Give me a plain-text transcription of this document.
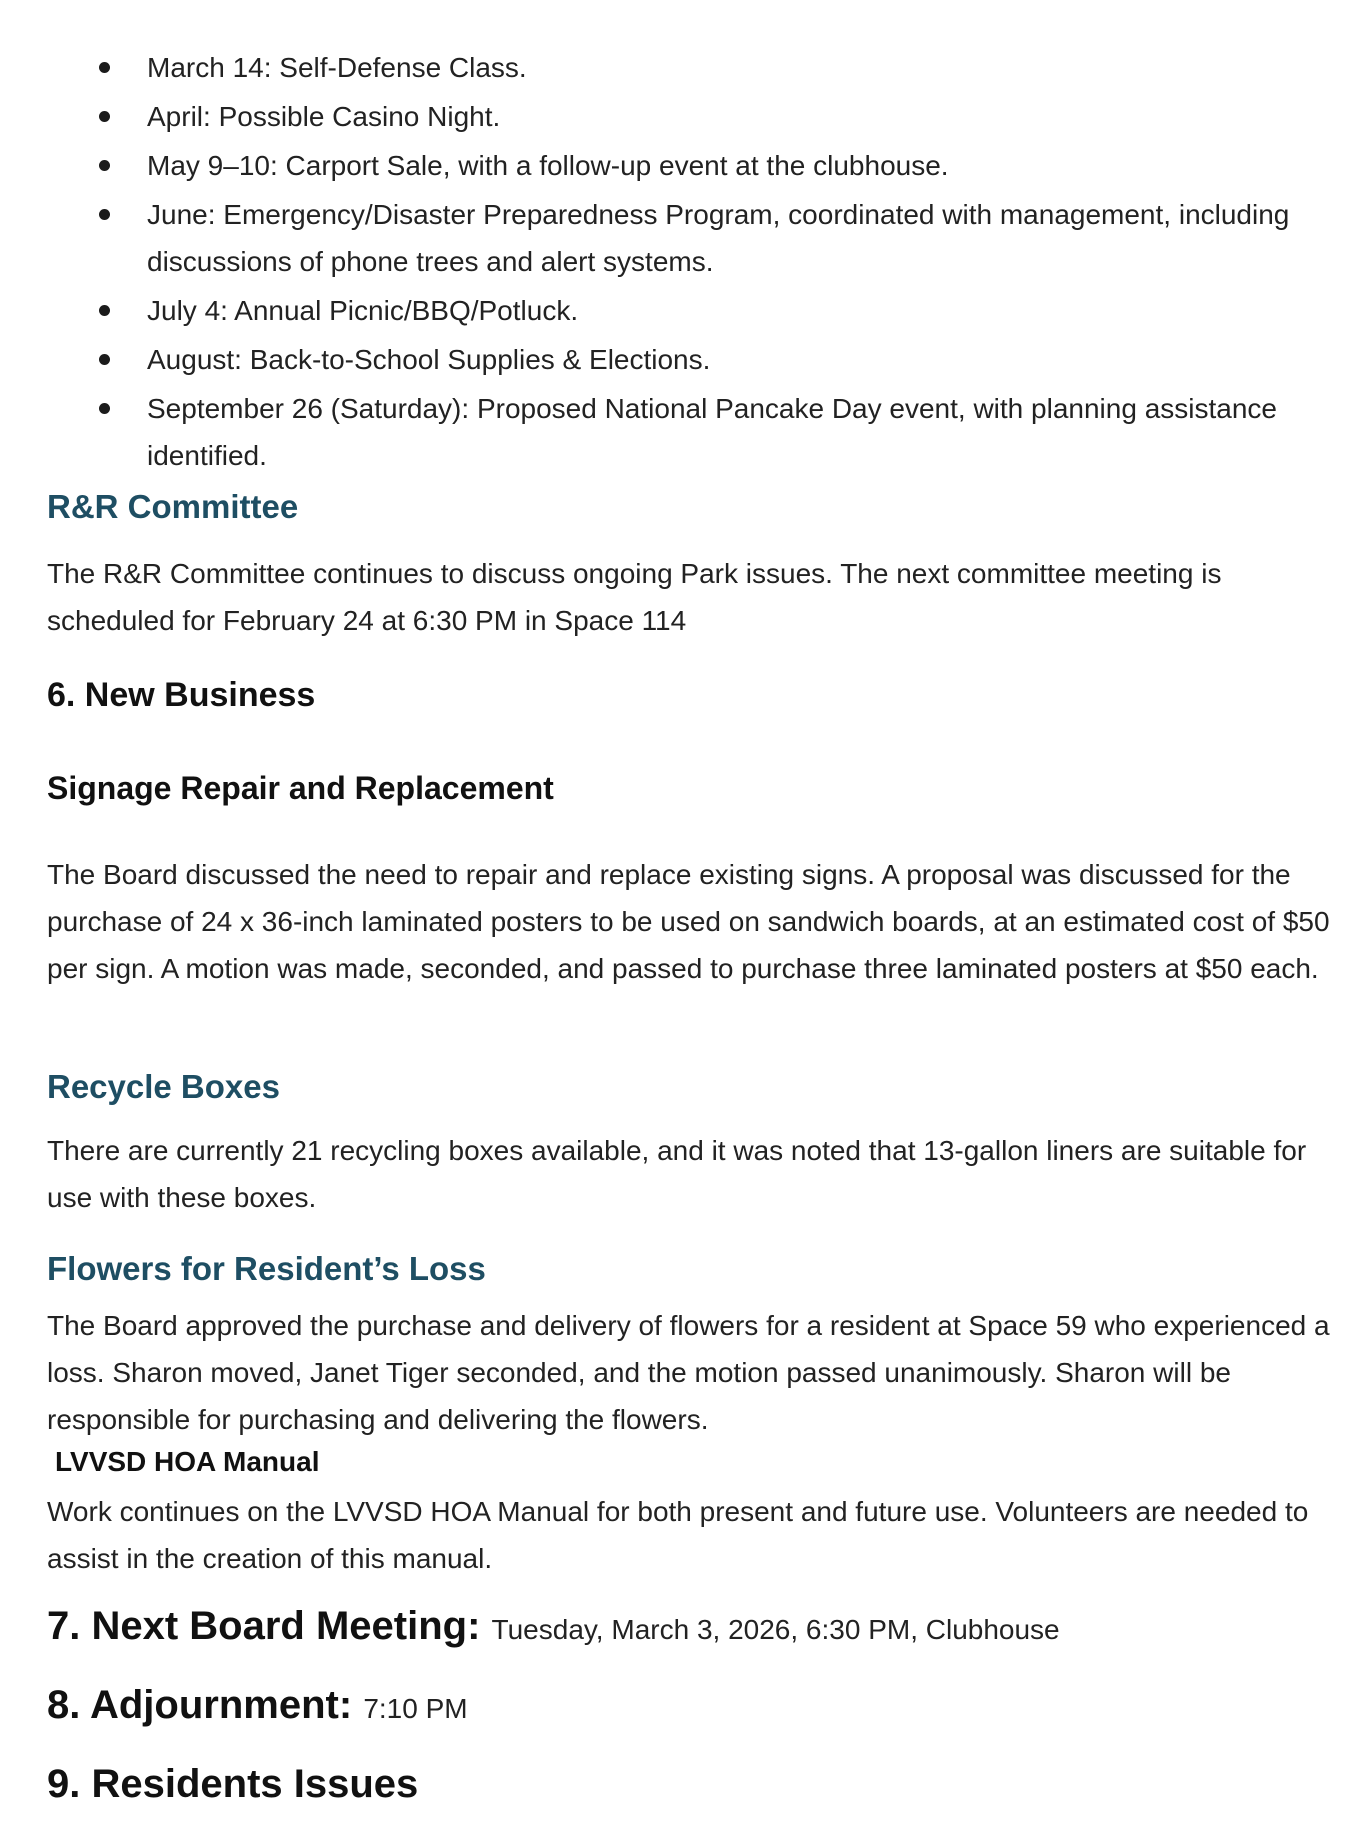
March 14: Self-Defense Class.
April: Possible Casino Night.
May 9–10: Carport Sale, with a follow-up event at the clubhouse.
June: Emergency/Disaster Preparedness Program, coordinated with management, including discussions of phone trees and alert systems.
July 4: Annual Picnic/BBQ/Potluck.
August: Back-to-School Supplies & Elections.
September 26 (Saturday): Proposed National Pancake Day event, with planning assistance identified.
R&R Committee

The R&R Committee continues to discuss ongoing Park issues. The next committee meeting is scheduled for February 24 at 6:30 PM in Space 114

6. New Business
Signage Repair and Replacement

The Board discussed the need to repair and replace existing signs. A proposal was discussed for the purchase of 24 x 36-inch laminated posters to be used on sandwich boards, at an estimated cost of $50 per sign. A motion was made, seconded, and passed to purchase three laminated posters at $50 each.

Recycle Boxes

There are currently 21 recycling boxes available, and it was noted that 13-gallon liners are suitable for use with these boxes.

Flowers for Resident’s Loss

The Board approved the purchase and delivery of flowers for a resident at Space 59 who experienced a loss. Sharon moved, Janet Tiger seconded, and the motion passed unanimously. Sharon will be responsible for purchasing and delivering the flowers.

LVVSD HOA Manual

Work continues on the LVVSD HOA Manual for both present and future use. Volunteers are needed to assist in the creation of this manual.

7. Next Board Meeting: Tuesday, March 3, 2026, 6:30 PM, Clubhouse
8. Adjournment: 7:10 PM
9. Residents Issues
